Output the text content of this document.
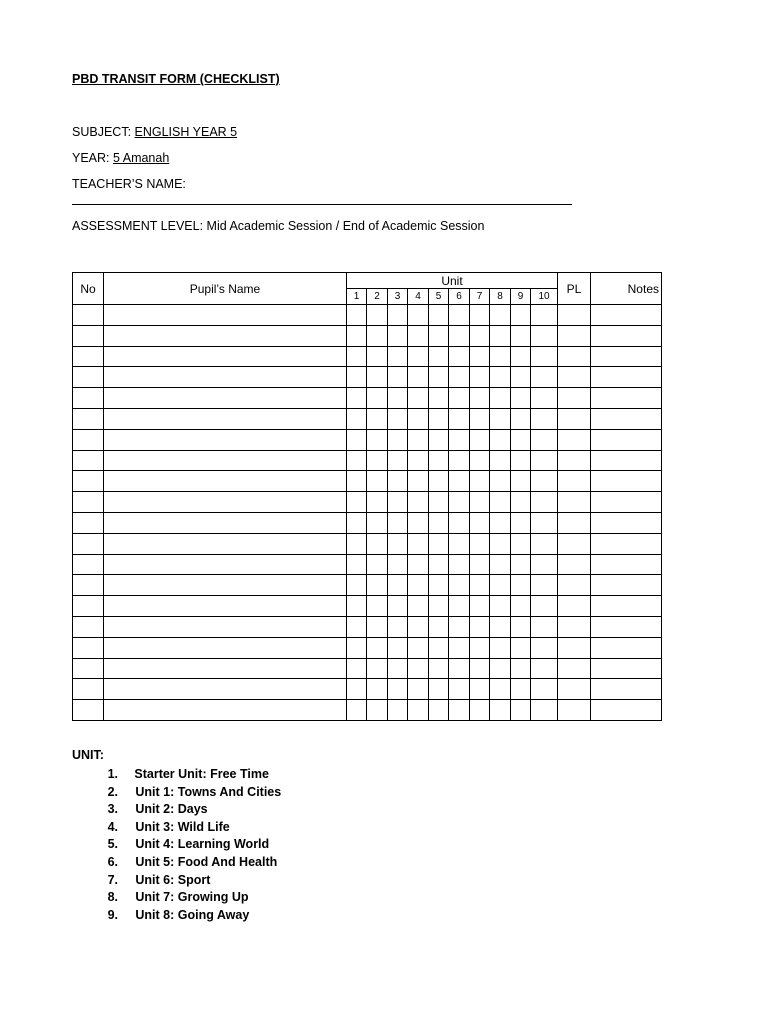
PBD TRANSIT FORM (CHECKLIST)
SUBJECT: ENGLISH YEAR 5
YEAR: 5 Amanah
TEACHER’S NAME:
ASSESSMENT LEVEL: Mid Academic Session / End of Academic Session
No	Pupil’s Name	Unit										PL	Notes
		1	2	3	4	5	6	7	8	9	10		

UNIT:
1. Starter Unit: Free Time
2. Unit 1: Towns And Cities
3. Unit 2: Days
4. Unit 3: Wild Life
5. Unit 4: Learning World
6. Unit 5: Food And Health
7. Unit 6: Sport
8. Unit 7: Growing Up
9. Unit 8: Going Away
